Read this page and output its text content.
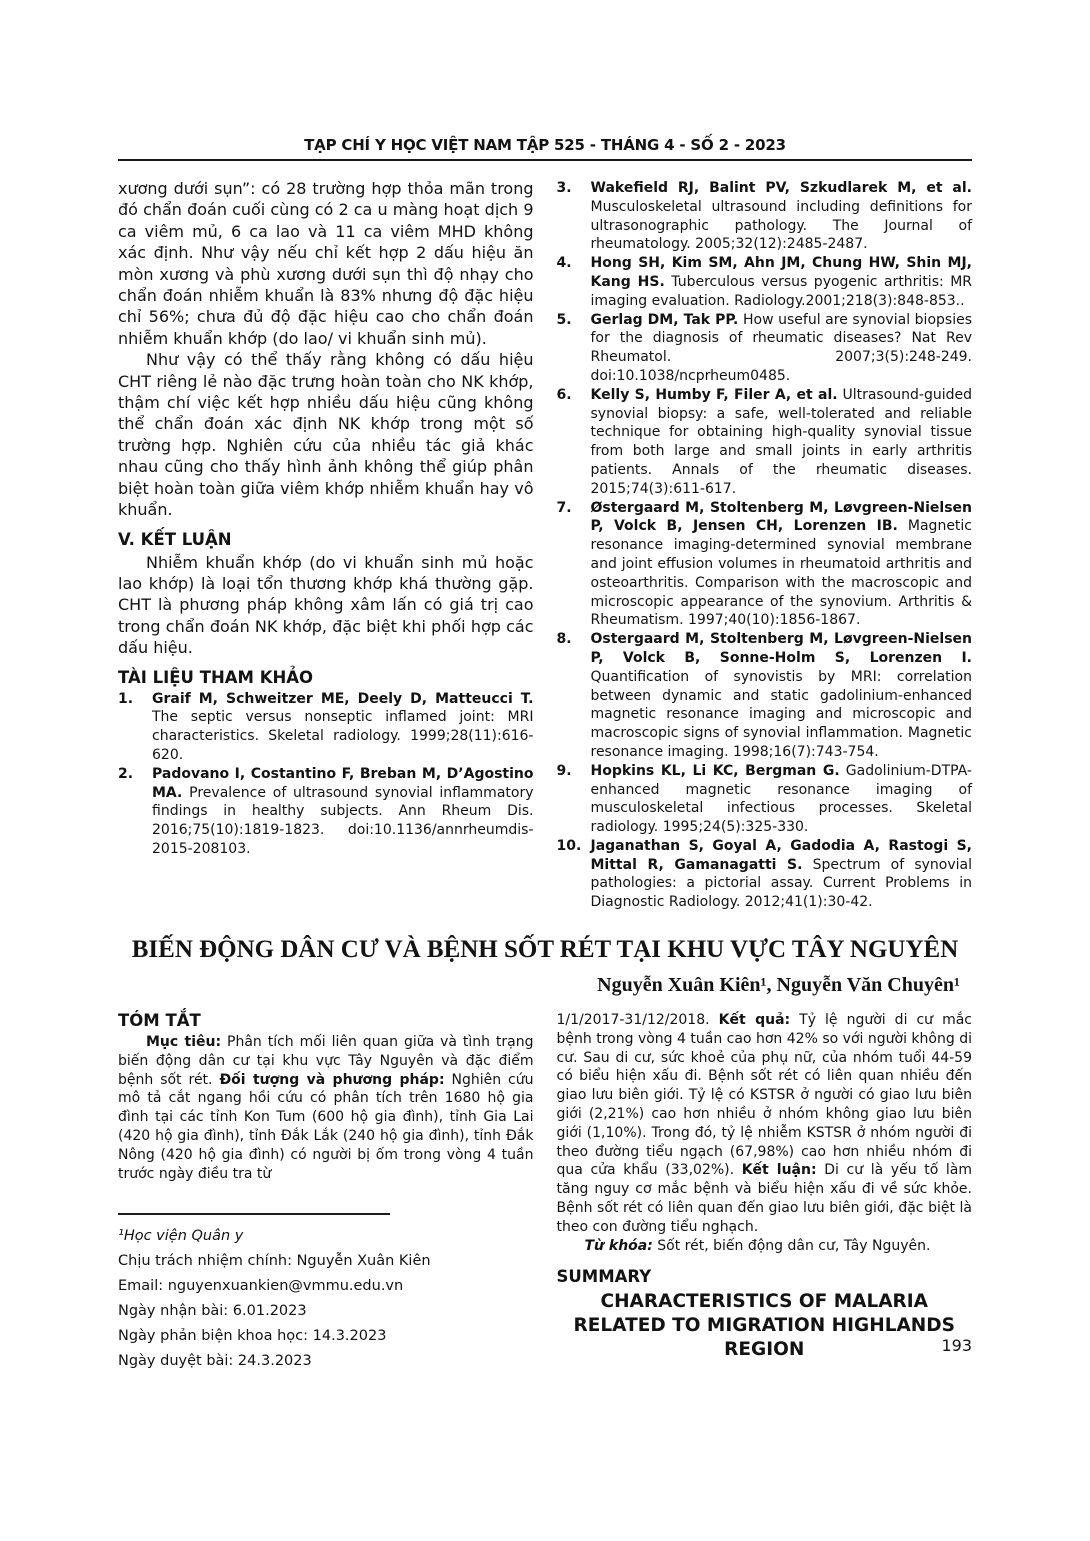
TẠP CHÍ Y HỌC VIỆT NAM TẬP 525 - THÁNG 4 - SỐ 2 - 2023

xương dưới sụn”: có 28 trường hợp thỏa mãn trong đó chẩn đoán cuối cùng có 2 ca u màng hoạt dịch 9 ca viêm mủ, 6 ca lao và 11 ca viêm MHD không xác định. Như vậy nếu chỉ kết hợp 2 dấu hiệu ăn mòn xương và phù xương dưới sụn thì độ nhạy cho chẩn đoán nhiễm khuẩn là 83% nhưng độ đặc hiệu chỉ 56%; chưa đủ độ đặc hiệu cao cho chẩn đoán nhiễm khuẩn khớp (do lao/ vi khuẩn sinh mủ).

Như vậy có thể thấy rằng không có dấu hiệu CHT riêng lẻ nào đặc trưng hoàn toàn cho NK khớp, thậm chí việc kết hợp nhiều dấu hiệu cũng không thể chẩn đoán xác định NK khớp trong một số trường hợp. Nghiên cứu của nhiều tác giả khác nhau cũng cho thấy hình ảnh không thể giúp phân biệt hoàn toàn giữa viêm khớp nhiễm khuẩn hay vô khuẩn.

V. KẾT LUẬN

Nhiễm khuẩn khớp (do vi khuẩn sinh mủ hoặc lao khớp) là loại tổn thương khớp khá thường gặp. CHT là phương pháp không xâm lấn có giá trị cao trong chẩn đoán NK khớp, đặc biệt khi phối hợp các dấu hiệu.

TÀI LIỆU THAM KHẢO
1. Graif M, Schweitzer ME, Deely D, Matteucci T. The septic versus nonseptic inflamed joint: MRI characteristics. Skeletal radiology. 1999;28(11):616-620.
2. Padovano I, Costantino F, Breban M, D’Agostino MA. Prevalence of ultrasound synovial inflammatory findings in healthy subjects. Ann Rheum Dis. 2016;75(10):1819-1823. doi:10.1136/annrheumdis-2015-208103.
3. Wakefield RJ, Balint PV, Szkudlarek M, et al. Musculoskeletal ultrasound including definitions for ultrasonographic pathology. The Journal of rheumatology. 2005;32(12):2485-2487.
4. Hong SH, Kim SM, Ahn JM, Chung HW, Shin MJ, Kang HS. Tuberculous versus pyogenic arthritis: MR imaging evaluation. Radiology.2001;218(3):848-853..
5. Gerlag DM, Tak PP. How useful are synovial biopsies for the diagnosis of rheumatic diseases? Nat Rev Rheumatol. 2007;3(5):248-249. doi:10.1038/ncprheum0485.
6. Kelly S, Humby F, Filer A, et al. Ultrasound-guided synovial biopsy: a safe, well-tolerated and reliable technique for obtaining high-quality synovial tissue from both large and small joints in early arthritis patients. Annals of the rheumatic diseases. 2015;74(3):611-617.
7. Østergaard M, Stoltenberg M, Løvgreen-Nielsen P, Volck B, Jensen CH, Lorenzen IB. Magnetic resonance imaging-determined synovial membrane and joint effusion volumes in rheumatoid arthritis and osteoarthritis. Comparison with the macroscopic and microscopic appearance of the synovium. Arthritis & Rheumatism. 1997;40(10):1856-1867.
8. Ostergaard M, Stoltenberg M, Løvgreen-Nielsen P, Volck B, Sonne-Holm S, Lorenzen I. Quantification of synovistis by MRI: correlation between dynamic and static gadolinium-enhanced magnetic resonance imaging and microscopic and macroscopic signs of synovial inflammation. Magnetic resonance imaging. 1998;16(7):743-754.
9. Hopkins KL, Li KC, Bergman G. Gadolinium-DTPA-enhanced magnetic resonance imaging of musculoskeletal infectious processes. Skeletal radiology. 1995;24(5):325-330.
10. Jaganathan S, Goyal A, Gadodia A, Rastogi S, Mittal R, Gamanagatti S. Spectrum of synovial pathologies: a pictorial assay. Current Problems in Diagnostic Radiology. 2012;41(1):30-42.
BIẾN ĐỘNG DÂN CƯ VÀ BỆNH SỐT RÉT TẠI KHU VỰC TÂY NGUYÊN
Nguyễn Xuân Kiên¹, Nguyễn Văn Chuyên¹
TÓM TẮT

Mục tiêu: Phân tích mối liên quan giữa và tình trạng biến động dân cư tại khu vực Tây Nguyên và đặc điểm bệnh sốt rét. Đối tượng và phương pháp: Nghiên cứu mô tả cắt ngang hồi cứu có phân tích trên 1680 hộ gia đình tại các tỉnh Kon Tum (600 hộ gia đình), tỉnh Gia Lai (420 hộ gia đình), tỉnh Đắk Lắk (240 hộ gia đình), tỉnh Đắk Nông (420 hộ gia đình) có người bị ốm trong vòng 4 tuần trước ngày điều tra từ

¹Học viện Quân y
Chịu trách nhiệm chính: Nguyễn Xuân Kiên
Email: nguyenxuankien@vmmu.edu.vn
Ngày nhận bài: 6.01.2023
Ngày phản biện khoa học: 14.3.2023
Ngày duyệt bài: 24.3.2023

1/1/2017-31/12/2018. Kết quả: Tỷ lệ người di cư mắc bệnh trong vòng 4 tuần cao hơn 42% so với người không di cư. Sau di cư, sức khoẻ của phụ nữ, của nhóm tuổi 44-59 có biểu hiện xấu đi. Bệnh sốt rét có liên quan nhiều đến giao lưu biên giới. Tỷ lệ có KSTSR ở người có giao lưu biên giới (2,21%) cao hơn nhiều ở nhóm không giao lưu biên giới (1,10%). Trong đó, tỷ lệ nhiễm KSTSR ở nhóm người đi theo đường tiểu ngạch (67,98%) cao hơn nhiều nhóm đi qua cửa khẩu (33,02%). Kết luận: Di cư là yếu tố làm tăng nguy cơ mắc bệnh và biểu hiện xấu đi về sức khỏe. Bệnh sốt rét có liên quan đến giao lưu biên giới, đặc biệt là theo con đường tiểu nghạch.

Từ khóa: Sốt rét, biến động dân cư, Tây Nguyên.

SUMMARY
CHARACTERISTICS OF MALARIA RELATED TO MIGRATION HIGHLANDS REGION	193
